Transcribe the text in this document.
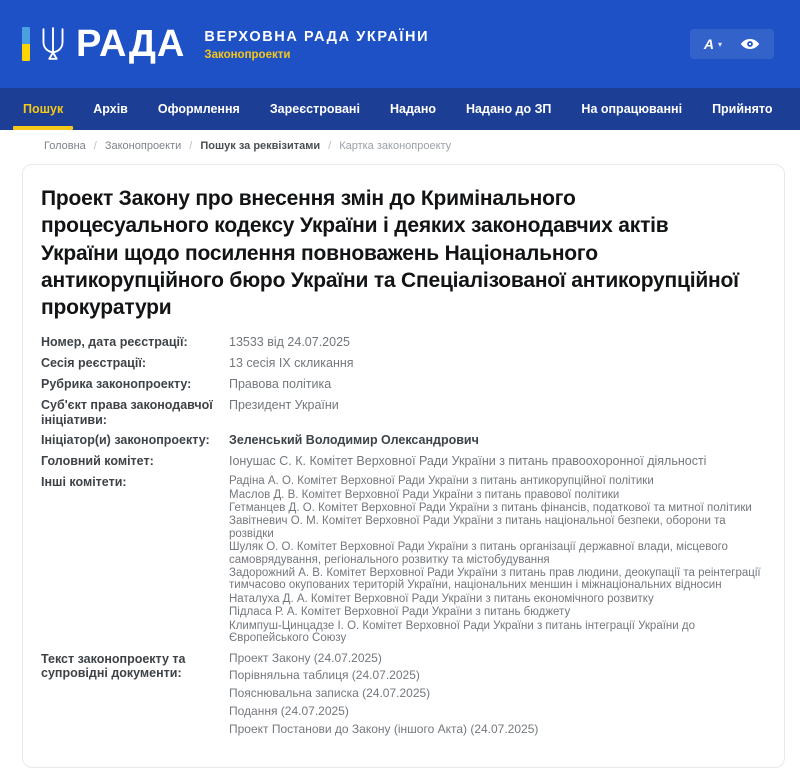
РАДА ВЕРХОВНА РАДА УКРАЇНИ
Законопроекти
A ▾
Пошук	Архів	Оформлення	Зареєстровані	Надано	Надано до ЗП	На опрацюванні	Прийнято
Головна / Законопроекти / Пошук за реквізитами / Картка законопроекту
Проект Закону про внесення змін до Кримінального процесуального кодексу України і деяких законодавчих актів України щодо посилення повноважень Національного антикорупційного бюро України та Спеціалізованої антикорупційної прокуратури
Номер, дата реєстрації:	13533 від 24.07.2025
Сесія реєстрації:	13 сесія IX скликання
Рубрика законопроекту:	Правова політика
Суб'єкт права законодавчої ініціативи:
Президент України
Ініціатор(и) законопроекту:	Зеленський Володимир Олександрович
Головний комітет:	Іонушас С. К. Комітет Верховної Ради України з питань правоохоронної діяльності
Інші комітети:	Радіна А. О. Комітет Верховної Ради України з питань антикорупційної політики
Маслов Д. В. Комітет Верховної Ради України з питань правової політики
Гетманцев Д. О. Комітет Верховної Ради України з питань фінансів, податкової та митної політики
Завітневич О. М. Комітет Верховної Ради України з питань національної безпеки, оборони та розвідки
Шуляк О. О. Комітет Верховної Ради України з питань організації державної влади, місцевого самоврядування, регіонального розвитку та містобудування
Задорожний А. В. Комітет Верховної Ради України з питань прав людини, деокупації та реінтеграції тимчасово окупованих територій України, національних меншин і міжнаціональних відносин
Наталуха Д. А. Комітет Верховної Ради України з питань економічного розвитку
Підласа Р. А. Комітет Верховної Ради України з питань бюджету
Климпуш-Цинцадзе І. О. Комітет Верховної Ради України з питань інтеграції України до Європейського Союзу
Текст законопроекту та супровідні документи:
Проект Закону (24.07.2025)
Порівняльна таблиця (24.07.2025)
Пояснювальна записка (24.07.2025)
Подання (24.07.2025)
Проект Постанови до Закону (іншого Акта) (24.07.2025)
